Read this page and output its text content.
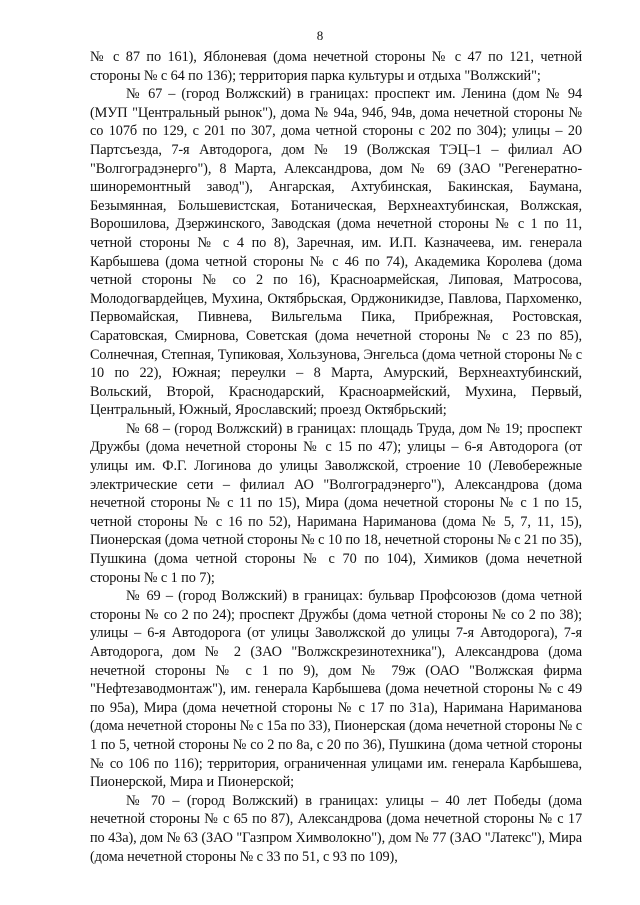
8

№ с 87 по 161), Яблоневая (дома нечетной стороны № с 47 по 121, четной стороны № с 64 по 136); территория парка культуры и отдыха "Волжский";

№ 67 – (город Волжский) в границах: проспект им. Ленина (дом № 94 (МУП "Центральный рынок"), дома № 94а, 94б, 94в, дома нечетной стороны № со 107б по 129, с 201 по 307, дома четной стороны с 202 по 304); улицы – 20 Партсъезда, 7-я Автодорога, дом № 19 (Волжская ТЭЦ–1 – филиал АО "Волгоградэнерго"), 8 Марта, Александрова, дом № 69 (ЗАО "Регенератно-шиноремонтный завод"), Ангарская, Ахтубинская, Бакинская, Баумана, Безымянная, Большевистская, Ботаническая, Верхнеахтубинская, Волжская, Ворошилова, Дзержинского, Заводская (дома нечетной стороны № с 1 по 11, четной стороны № с 4 по 8), Заречная, им. И.П. Казначеева, им. генерала Карбышева (дома четной стороны № с 46 по 74), Академика Королева (дома четной стороны № со 2 по 16), Красноармейская, Липовая, Матросова, Молодогвардейцев, Мухина, Октябрьская, Орджоникидзе, Павлова, Пархоменко, Первомайская, Пивнева, Вильгельма Пика, Прибрежная, Ростовская, Саратовская, Смирнова, Советская (дома нечетной стороны № с 23 по 85), Солнечная, Степная, Тупиковая, Хользунова, Энгельса (дома четной стороны № с 10 по 22), Южная; переулки – 8 Марта, Амурский, Верхнеахтубинский, Вольский, Второй, Краснодарский, Красноармейский, Мухина, Первый, Центральный, Южный, Ярославский; проезд Октябрьский;

№ 68 – (город Волжский) в границах: площадь Труда, дом № 19; проспект Дружбы (дома нечетной стороны № с 15 по 47); улицы – 6-я Автодорога (от улицы им. Ф.Г. Логинова до улицы Заволжской, строение 10 (Левобережные электрические сети – филиал АО "Волгоградэнерго"), Александрова (дома нечетной стороны № с 11 по 15), Мира (дома нечетной стороны № с 1 по 15, четной стороны № с 16 по 52), Наримана Нариманова (дома № 5, 7, 11, 15), Пионерская (дома четной стороны № с 10 по 18, нечетной стороны № с 21 по 35), Пушкина (дома четной стороны № с 70 по 104), Химиков (дома нечетной стороны № с 1 по 7);

№ 69 – (город Волжский) в границах: бульвар Профсоюзов (дома четной стороны № со 2 по 24); проспект Дружбы (дома четной стороны № со 2 по 38); улицы – 6-я Автодорога (от улицы Заволжской до улицы 7-я Автодорога), 7-я Автодорога, дом № 2 (ЗАО "Волжскрезинотехника"), Александрова (дома нечетной стороны № с 1 по 9), дом № 79ж (ОАО "Волжская фирма "Нефтезаводмонтаж"), им. генерала Карбышева (дома нечетной стороны № с 49 по 95а), Мира (дома нечетной стороны № с 17 по 31а), Наримана Нариманова (дома нечетной стороны № с 15а по 33), Пионерская (дома нечетной стороны № с 1 по 5, четной стороны № со 2 по 8а, с 20 по 36), Пушкина (дома четной стороны № со 106 по 116); территория, ограниченная улицами им. генерала Карбышева, Пионерской, Мира и Пионерской;

№ 70 – (город Волжский) в границах: улицы – 40 лет Победы (дома нечетной стороны № с 65 по 87), Александрова (дома нечетной стороны № с 17 по 43а), дом № 63 (ЗАО "Газпром Химволокно"), дом № 77 (ЗАО "Латекс"), Мира (дома нечетной стороны № с 33 по 51, с 93 по 109),
